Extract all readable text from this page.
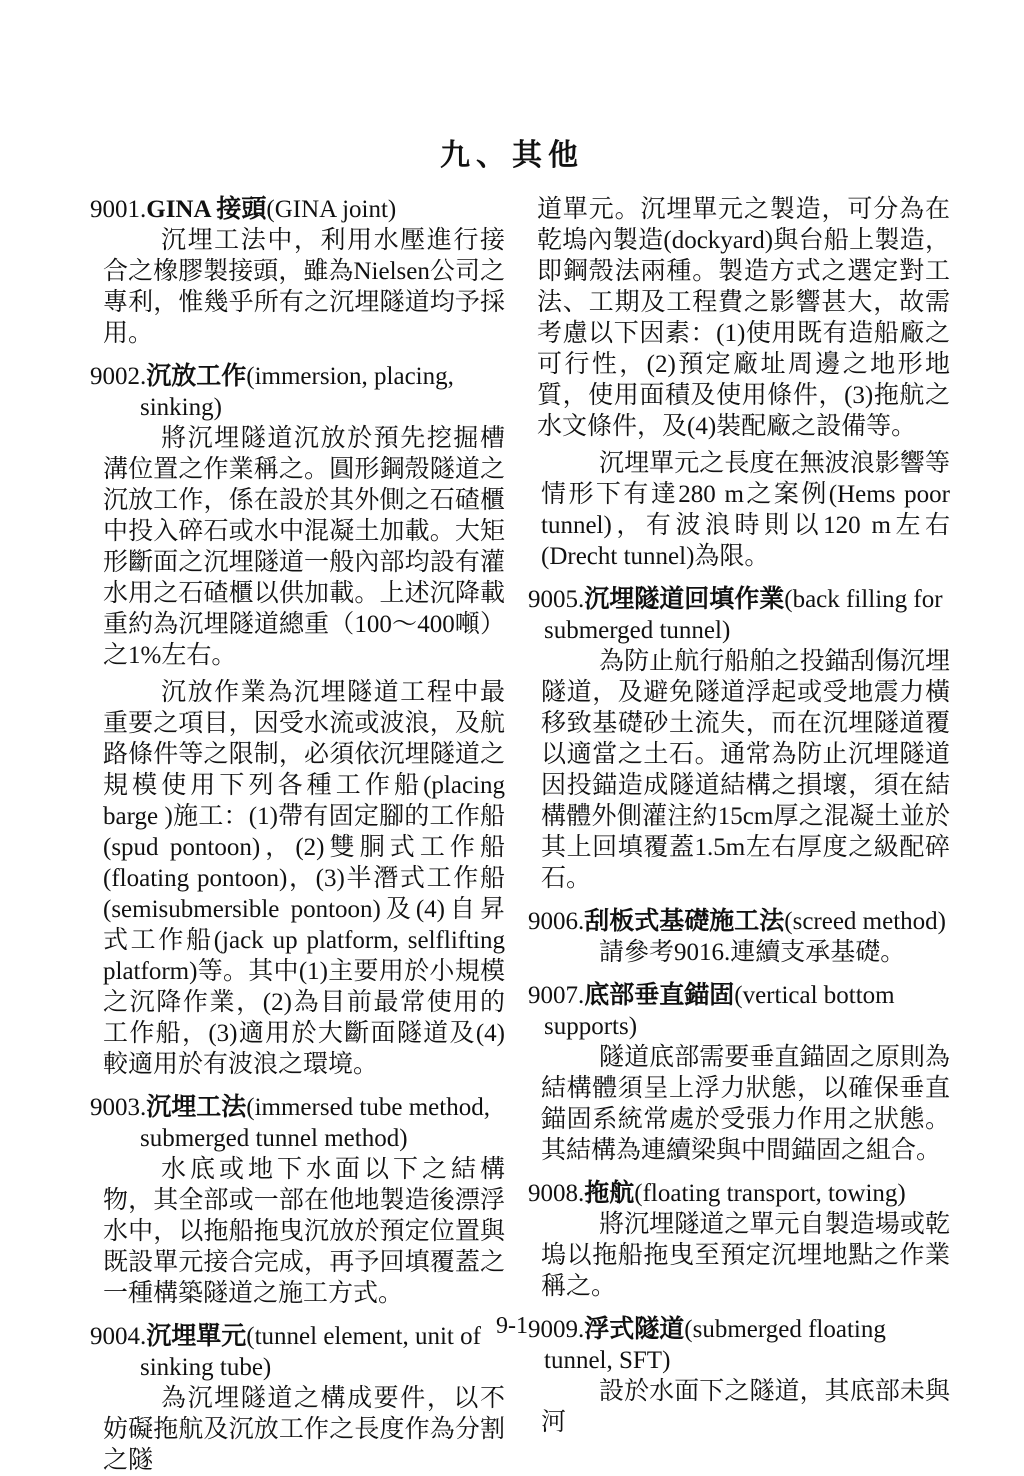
九、其他

9001.GINA 接頭(GINA joint)

沉埋工法中，利用水壓進行接合之橡膠製接頭，雖為Nielsen公司之專利，惟幾乎所有之沉埋隧道均予採用。

9002.沉放工作(immersion, placing, sinking)

將沉埋隧道沉放於預先挖掘槽溝位置之作業稱之。圓形鋼殼隧道之沉放工作，係在設於其外側之石碴櫃中投入碎石或水中混凝土加載。大矩形斷面之沉埋隧道一般內部均設有灌水用之石碴櫃以供加載。上述沉降載重約為沉埋隧道總重（100～400噸）之1%左右。

沉放作業為沉埋隧道工程中最重要之項目，因受水流或波浪，及航路條件等之限制，必須依沉埋隧道之規模使用下列各種工作船(placing barge )施工：(1)帶有固定腳的工作船(spud pontoon)，(2)雙胴式工作船(floating pontoon)，(3)半潛式工作船(semisubmersible pontoon)及(4)自昇式工作船(jack up platform, selflifting platform)等。其中(1)主要用於小規模之沉降作業，(2)為目前最常使用的工作船，(3)適用於大斷面隧道及(4)較適用於有波浪之環境。

9003.沉埋工法(immersed tube method, submerged tunnel method)

水底或地下水面以下之結構物，其全部或一部在他地製造後漂浮水中，以拖船拖曳沉放於預定位置與既設單元接合完成，再予回填覆蓋之一種構築隧道之施工方式。

9004.沉埋單元(tunnel element, unit of sinking tube)

為沉埋隧道之構成要件，以不妨礙拖航及沉放工作之長度作為分割之隧

道單元。沉埋單元之製造，可分為在乾塢內製造(dockyard)與台船上製造，即鋼殼法兩種。製造方式之選定對工法、工期及工程費之影響甚大，故需考慮以下因素：(1)使用既有造船廠之可行性，(2)預定廠址周邊之地形地質，使用面積及使用條件，(3)拖航之水文條件，及(4)裝配廠之設備等。

沉埋單元之長度在無波浪影響等情形下有達280 m之案例(Hems poor tunnel)，有波浪時則以120 m左右(Drecht tunnel)為限。

9005.沉埋隧道回填作業(back filling for submerged tunnel)

為防止航行船舶之投錨刮傷沉埋隧道，及避免隧道浮起或受地震力橫移致基礎砂土流失，而在沉埋隧道覆以適當之土石。通常為防止沉埋隧道因投錨造成隧道結構之損壞，須在結構體外側灌注約15cm厚之混凝土並於其上回填覆蓋1.5m左右厚度之級配碎石。

9006.刮板式基礎施工法(screed method)

請參考9016.連續支承基礎。

9007.底部垂直錨固(vertical bottom supports)

隧道底部需要垂直錨固之原則為結構體須呈上浮力狀態，以確保垂直錨固系統常處於受張力作用之狀態。其結構為連續梁與中間錨固之組合。

9008.拖航(floating transport, towing)

將沉埋隧道之單元自製造場或乾塢以拖船拖曳至預定沉埋地點之作業稱之。

9009.浮式隧道(submerged floating tunnel, SFT)

設於水面下之隧道，其底部未與河

9-1
